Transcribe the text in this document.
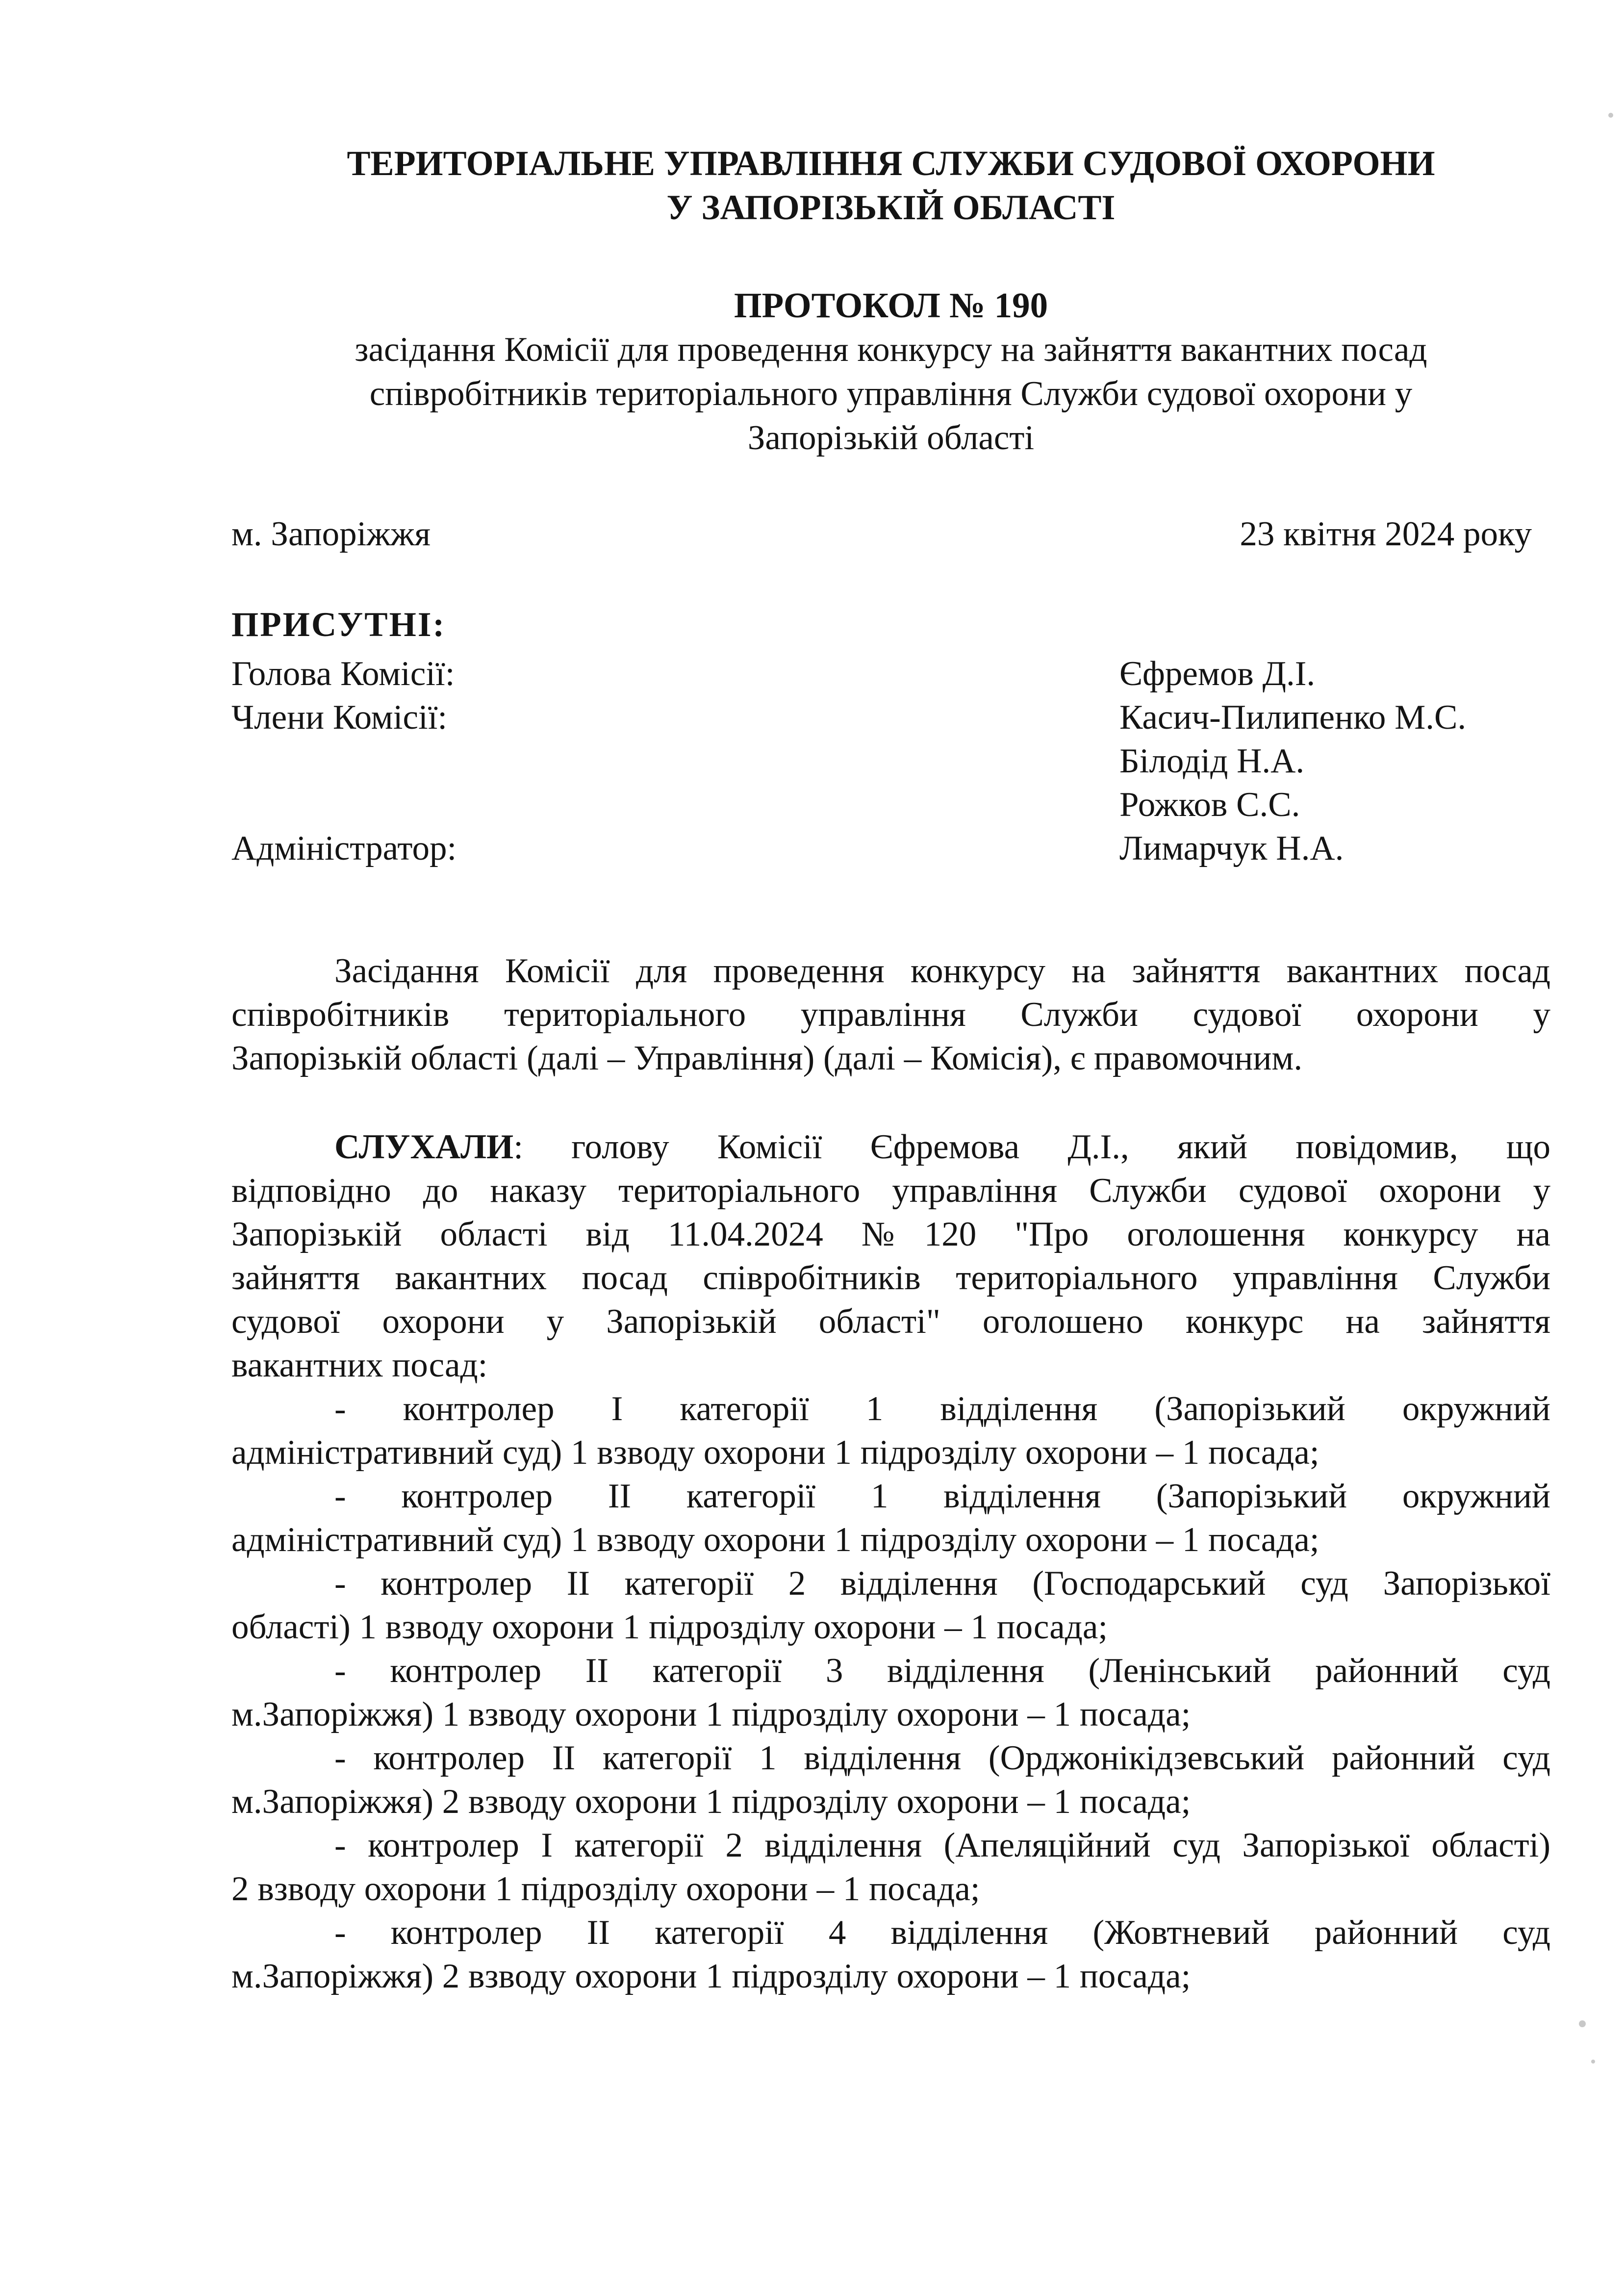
ТЕРИТОРІАЛЬНЕ УПРАВЛІННЯ СЛУЖБИ СУДОВОЇ ОХОРОНИ
У ЗАПОРІЗЬКІЙ ОБЛАСТІ
ПРОТОКОЛ № 190
засідання Комісії для проведення конкурсу на зайняття вакантних посад
співробітників територіального управління Служби судової охорони у
Запорізькій області
м. Запоріжжя	23 квітня 2024 року
ПРИСУТНІ:
Голова Комісії:	Єфремов Д.І.
Члени Комісії:	Касич-Пилипенко М.С.
Білодід Н.А.
Рожков С.С.
Адміністратор:	Лимарчук Н.А.
Засідання Комісії для проведення конкурсу на зайняття вакантних посад
співробітників територіального управління Служби судової охорони у
Запорізькій області (далі – Управління) (далі – Комісія), є правомочним.
СЛУХАЛИ: голову Комісії Єфремова Д.І., який повідомив, що
відповідно до наказу територіального управління Служби судової охорони у
Запорізькій області від 11.04.2024 №120 "Про оголошення конкурсу на
зайняття вакантних посад співробітників територіального управління Служби
судової охорони у Запорізькій області" оголошено конкурс на зайняття
вакантних посад:
- контролер І категорії 1 відділення (Запорізький окружний
адміністративний суд) 1 взводу охорони 1 підрозділу охорони – 1 посада;
- контролер ІІ категорії 1 відділення (Запорізький окружний
адміністративний суд) 1 взводу охорони 1 підрозділу охорони – 1 посада;
- контролер ІІ категорії 2 відділення (Господарський суд Запорізької
області) 1 взводу охорони 1 підрозділу охорони – 1 посада;
- контролер ІІ категорії 3 відділення (Ленінський районний суд
м.Запоріжжя) 1 взводу охорони 1 підрозділу охорони – 1 посада;
- контролер ІІ категорії 1 відділення (Орджонікідзевський районний суд
м.Запоріжжя) 2 взводу охорони 1 підрозділу охорони – 1 посада;
- контролер І категорії 2 відділення (Апеляційний суд Запорізької області)
2 взводу охорони 1 підрозділу охорони – 1 посада;
- контролер ІІ категорії 4 відділення (Жовтневий районний суд
м.Запоріжжя) 2 взводу охорони 1 підрозділу охорони – 1 посада;
